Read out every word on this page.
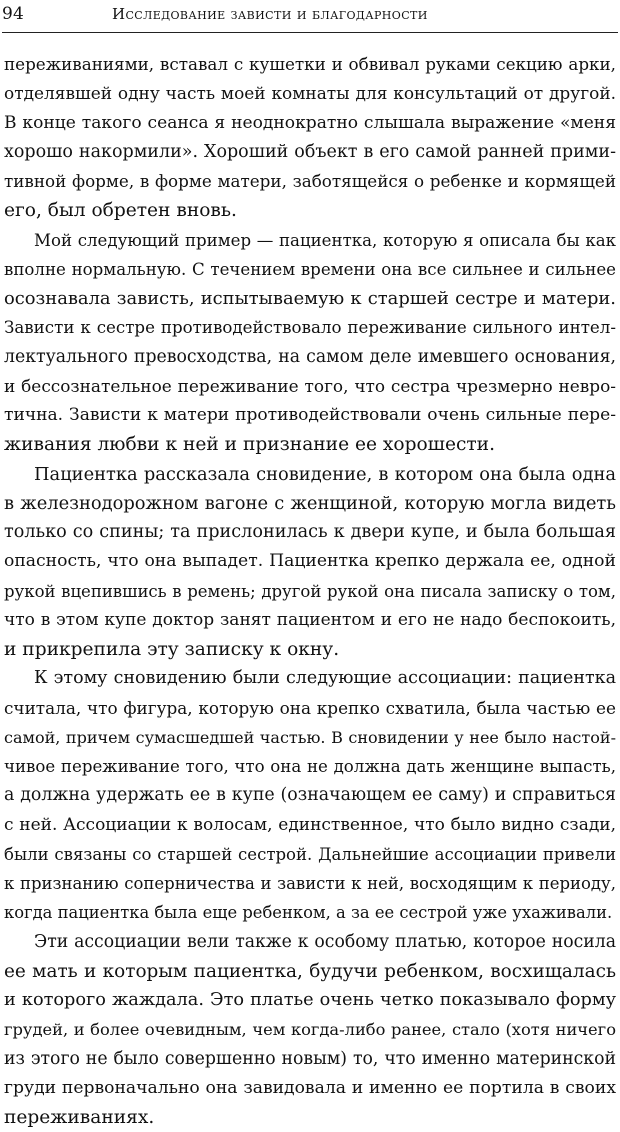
94	Исследование зависти и благодарности
переживаниями, вставал с кушетки и обвивал руками секцию арки,
отделявшей одну часть моей комнаты для консультаций от другой.
В конце такого сеанса я неоднократно слышала выражение «меня
хорошо накормили». Хороший объект в его самой ранней прими-
тивной форме, в форме матери, заботящейся о ребенке и кормящей
его, был обретен вновь.
Мой следующий пример — пациентка, которую я описала бы как
вполне нормальную. С течением времени она все сильнее и сильнее
осознавала зависть, испытываемую к старшей сестре и матери.
Зависти к сестре противодействовало переживание сильного интел-
лектуального превосходства, на самом деле имевшего основания,
и бессознательное переживание того, что сестра чрезмерно невро-
тична. Зависти к матери противодействовали очень сильные пере-
живания любви к ней и признание ее хорошести.
Пациентка рассказала сновидение, в котором она была одна
в железнодорожном вагоне с женщиной, которую могла видеть
только со спины; та прислонилась к двери купе, и была большая
опасность, что она выпадет. Пациентка крепко держала ее, одной
рукой вцепившись в ремень; другой рукой она писала записку о том,
что в этом купе доктор занят пациентом и его не надо беспокоить,
и прикрепила эту записку к окну.
К этому сновидению были следующие ассоциации: пациентка
считала, что фигура, которую она крепко схватила, была частью ее
самой, причем сумасшедшей частью. В сновидении у нее было настой-
чивое переживание того, что она не должна дать женщине выпасть,
а должна удержать ее в купе (означающем ее саму) и справиться
с ней. Ассоциации к волосам, единственное, что было видно сзади,
были связаны со старшей сестрой. Дальнейшие ассоциации привели
к признанию соперничества и зависти к ней, восходящим к периоду,
когда пациентка была еще ребенком, а за ее сестрой уже ухаживали.
Эти ассоциации вели также к особому платью, которое носила
ее мать и которым пациентка, будучи ребенком, восхищалась
и которого жаждала. Это платье очень четко показывало форму
грудей, и более очевидным, чем когда-либо ранее, стало (хотя ничего
из этого не было совершенно новым) то, что именно материнской
груди первоначально она завидовала и именно ее портила в своих
переживаниях.
